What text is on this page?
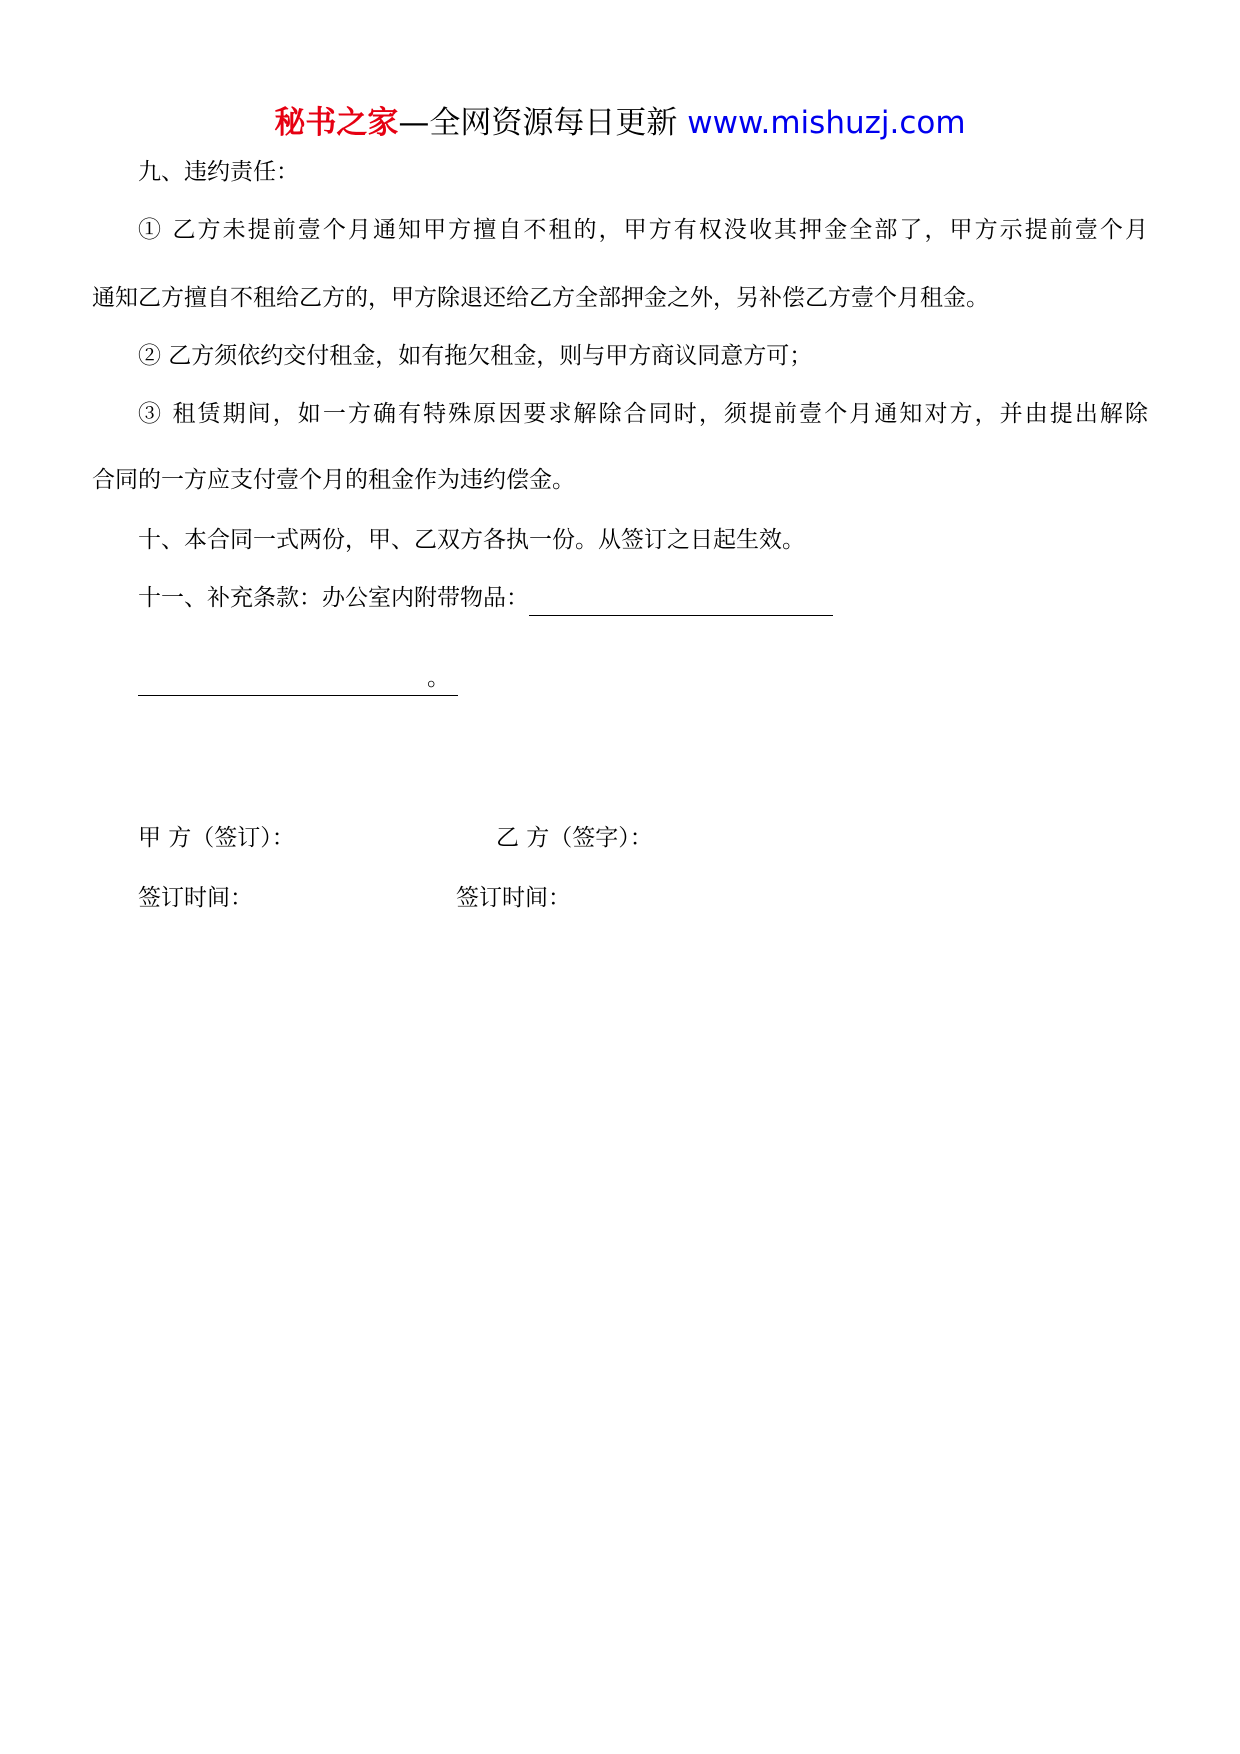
秘书之家—全网资源每日更新 www.mishuzj.com
九、违约责任：
① 乙方未提前壹个月通知甲方擅自不租的，甲方有权没收其押金全部了，甲方示提前壹个月
通知乙方擅自不租给乙方的，甲方除退还给乙方全部押金之外，另补偿乙方壹个月租金。
② 乙方须依约交付租金，如有拖欠租金，则与甲方商议同意方可；
③ 租赁期间，如一方确有特殊原因要求解除合同时，须提前壹个月通知对方，并由提出解除
合同的一方应支付壹个月的租金作为违约偿金。
十、本合同一式两份，甲、乙双方各执一份。从签订之日起生效。
十一、补充条款：办公室内附带物品：
。
甲 方（签订）：	乙 方（签字）：
签订时间：	签订时间：
